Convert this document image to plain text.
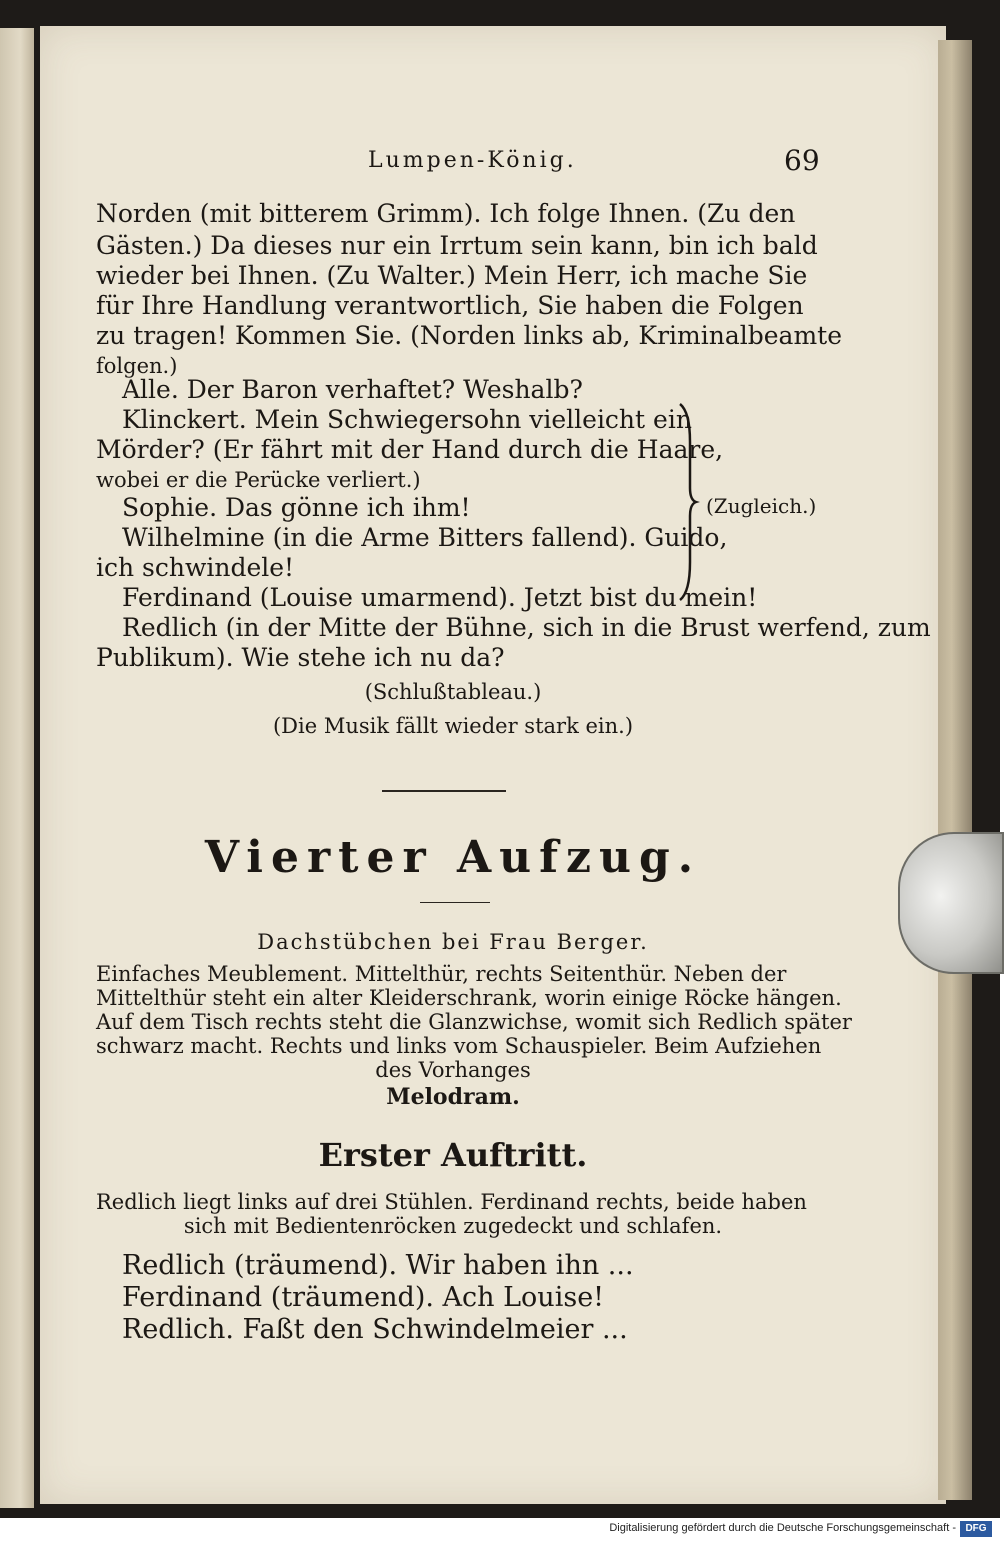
Lumpen-König.	69
Norden (mit bitterem Grimm). Ich folge Ihnen. (Zu den
Gästen.) Da dieses nur ein Irrtum sein kann, bin ich bald
wieder bei Ihnen. (Zu Walter.) Mein Herr, ich mache Sie
für Ihre Handlung verantwortlich, Sie haben die Folgen
zu tragen! Kommen Sie. (Norden links ab, Kriminalbeamte
folgen.)
Alle. Der Baron verhaftet? Weshalb?
Klinckert. Mein Schwiegersohn vielleicht ein
Mörder? (Er fährt mit der Hand durch die Haare,
wobei er die Perücke verliert.)
Sophie. Das gönne ich ihm!
Wilhelmine (in die Arme Bitters fallend). Guido,
ich schwindele!
Ferdinand (Louise umarmend). Jetzt bist du mein!
Redlich (in der Mitte der Bühne, sich in die Brust werfend, zum
Publikum). Wie stehe ich nu da?
(Schlußtableau.)
(Die Musik fällt wieder stark ein.)
(Zugleich.)
Vierter Aufzug.
Dachstübchen bei Frau Berger.
Einfaches Meublement. Mittelthür, rechts Seitenthür. Neben der
Mittelthür steht ein alter Kleiderschrank, worin einige Röcke hängen.
Auf dem Tisch rechts steht die Glanzwichse, womit sich Redlich später
schwarz macht. Rechts und links vom Schauspieler. Beim Aufziehen
des Vorhanges
Melodram.
Erster Auftritt.
Redlich liegt links auf drei Stühlen. Ferdinand rechts, beide haben
sich mit Bedientenröcken zugedeckt und schlafen.
Redlich (träumend). Wir haben ihn ...
Ferdinand (träumend). Ach Louise!
Redlich. Faßt den Schwindelmeier ...
Digitalisierung gefördert durch die Deutsche Forschungsgemeinschaft - DFG
